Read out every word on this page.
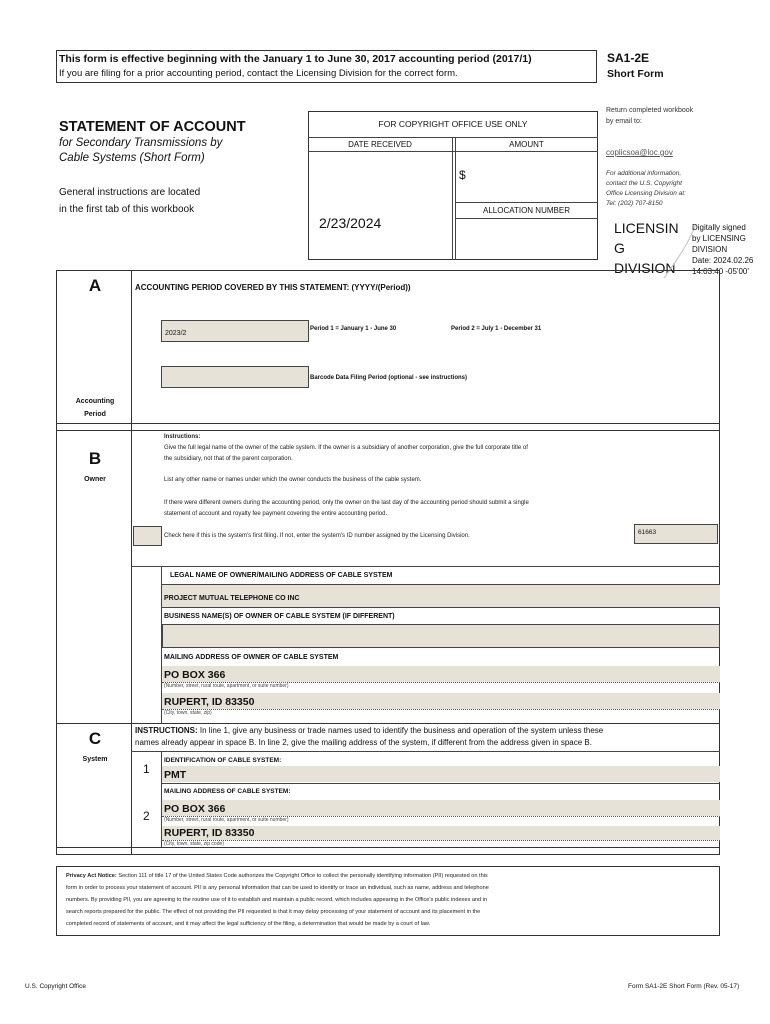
This form is effective beginning with the January 1 to June 30, 2017 accounting period (2017/1)
If you are filing for a prior accounting period, contact the Licensing Division for the correct form.
SA1-2E
Short Form
STATEMENT OF ACCOUNT
for Secondary Transmissions by
Cable Systems (Short Form)
General instructions are located
in the first tab of this workbook
FOR COPYRIGHT OFFICE USE ONLY
DATE RECEIVED	AMOUNT
$
ALLOCATION NUMBER
2/23/2024
Return completed workbook
by email to:
coplicsoa@loc.gov
For additional information,
contact the U.S. Copyright
Office Licensing Division at:
Tel: (202) 707-8150
LICENSIN
G
DIVISION
Digitally signed
by LICENSING
DIVISION
Date: 2024.02.26
14:03:40 -05'00'
A
Accounting
Period
ACCOUNTING PERIOD COVERED BY THIS STATEMENT: (YYYY/(Period))
2023/2
Period 1 = January 1 - June 30	Period 2 = July 1 - December 31
Barcode Data Filing Period (optional - see instructions)
B
Owner
Instructions:
Give the full legal name of the owner of the cable system. If the owner is a subsidiary of another corporation, give the full corporate title of
the subsidiary, not that of the parent corporation.
List any other name or names under which the owner conducts the business of the cable system.
If there were different owners during the accounting period, only the owner on the last day of the accounting period should submit a single
statement of account and royalty fee payment covering the entire accounting period.
Check here if this is the system's first filing. If not, enter the system's ID number assigned by the Licensing Division.	61663
LEGAL NAME OF OWNER/MAILING ADDRESS OF CABLE SYSTEM
PROJECT MUTUAL TELEPHONE CO INC
BUSINESS NAME(S) OF OWNER OF CABLE SYSTEM (IF DIFFERENT)
MAILING ADDRESS OF OWNER OF CABLE SYSTEM
PO BOX 366
(Number, street, rural route, apartment, or suite number)
RUPERT, ID 83350
(City, town, state, zip)
C
System
INSTRUCTIONS: In line 1, give any business or trade names used to identify the business and operation of the system unless these
names already appear in space B. In line 2, give the mailing address of the system, if different from the address given in space B.
1
IDENTIFICATION OF CABLE SYSTEM:
PMT
2
MAILING ADDRESS OF CABLE SYSTEM:
PO BOX 366
(Number, street, rural route, apartment, or suite number)
RUPERT, ID 83350
(City, town, state, zip code)
Privacy Act Notice: Section 111 of title 17 of the United States Code authorizes the Copyright Office to collect the personally identifying information (PII) requested on this
form in order to process your statement of account. PII is any personal information that can be used to identify or trace an individual, such as name, address and telephone
numbers. By providing PII, you are agreeing to the routine use of it to establish and maintain a public record, which includes appearing in the Office's public indexes and in
search reports prepared for the public. The effect of not providing the PII requested is that it may delay processing of your statement of account and its placement in the
completed record of statements of account, and it may affect the legal sufficiency of the filing, a determination that would be made by a court of law.
U.S. Copyright Office	Form SA1-2E Short Form (Rev. 05-17)
